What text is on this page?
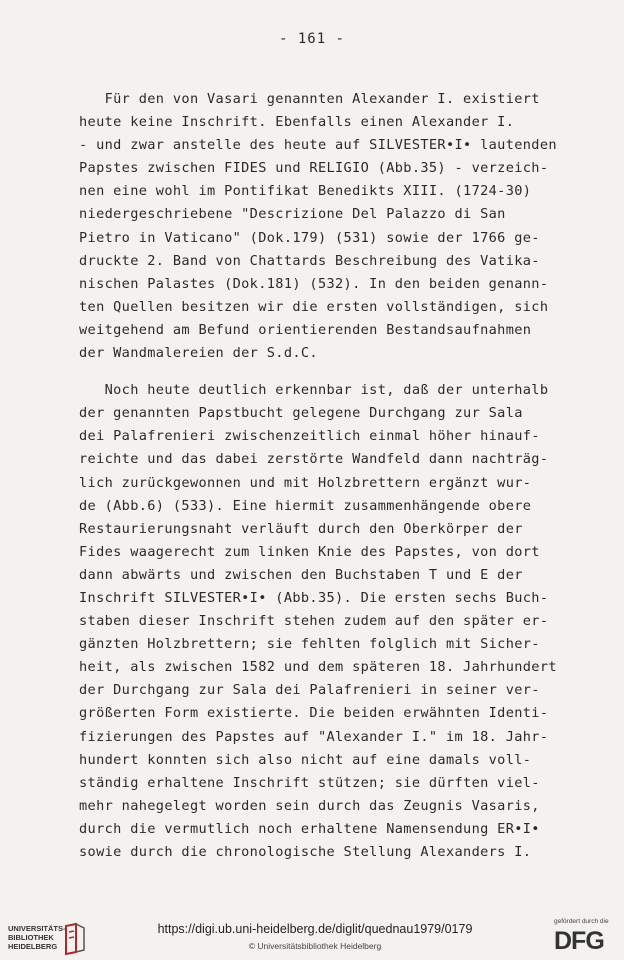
- 161 -
Für den von Vasari genannten Alexander I. existiert
heute keine Inschrift. Ebenfalls einen Alexander I.
- und zwar anstelle des heute auf SILVESTER•I• lautenden
Papstes zwischen FIDES und RELIGIO (Abb.35) - verzeich-
nen eine wohl im Pontifikat Benedikts XIII. (1724-30)
niedergeschriebene "Descrizione Del Palazzo di San
Pietro in Vaticano" (Dok.179) (531) sowie der 1766 ge-
druckte 2. Band von Chattards Beschreibung des Vatika-
nischen Palastes (Dok.181) (532). In den beiden genann-
ten Quellen besitzen wir die ersten vollständigen, sich
weitgehend am Befund orientierenden Bestandsaufnahmen
der Wandmalereien der S.d.C.
Noch heute deutlich erkennbar ist, daß der unterhalb
der genannten Papstbucht gelegene Durchgang zur Sala
dei Palafrenieri zwischenzeitlich einmal höher hinauf-
reichte und das dabei zerstörte Wandfeld dann nachträg-
lich zurückgewonnen und mit Holzbrettern ergänzt wur-
de (Abb.6) (533). Eine hiermit zusammenhängende obere
Restaurierungsnaht verläuft durch den Oberkörper der
Fides waagerecht zum linken Knie des Papstes, von dort
dann abwärts und zwischen den Buchstaben T und E der
Inschrift SILVESTER•I• (Abb.35). Die ersten sechs Buch-
staben dieser Inschrift stehen zudem auf den später er-
gänzten Holzbrettern; sie fehlten folglich mit Sicher-
heit, als zwischen 1582 und dem späteren 18. Jahrhundert
der Durchgang zur Sala dei Palafrenieri in seiner ver-
größerten Form existierte. Die beiden erwähnten Identi-
fizierungen des Papstes auf "Alexander I." im 18. Jahr-
hundert konnten sich also nicht auf eine damals voll-
ständig erhaltene Inschrift stützen; sie dürften viel-
mehr nahegelegt worden sein durch das Zeugnis Vasaris,
durch die vermutlich noch erhaltene Namensendung ER•I•
sowie durch die chronologische Stellung Alexanders I.
UNIVERSITÄTS-
BIBLIOTHEK
HEIDELBERG
https://digi.ub.uni-heidelberg.de/diglit/quednau1979/0179
© Universitätsbibliothek Heidelberg
gefördert durch die
DFG
